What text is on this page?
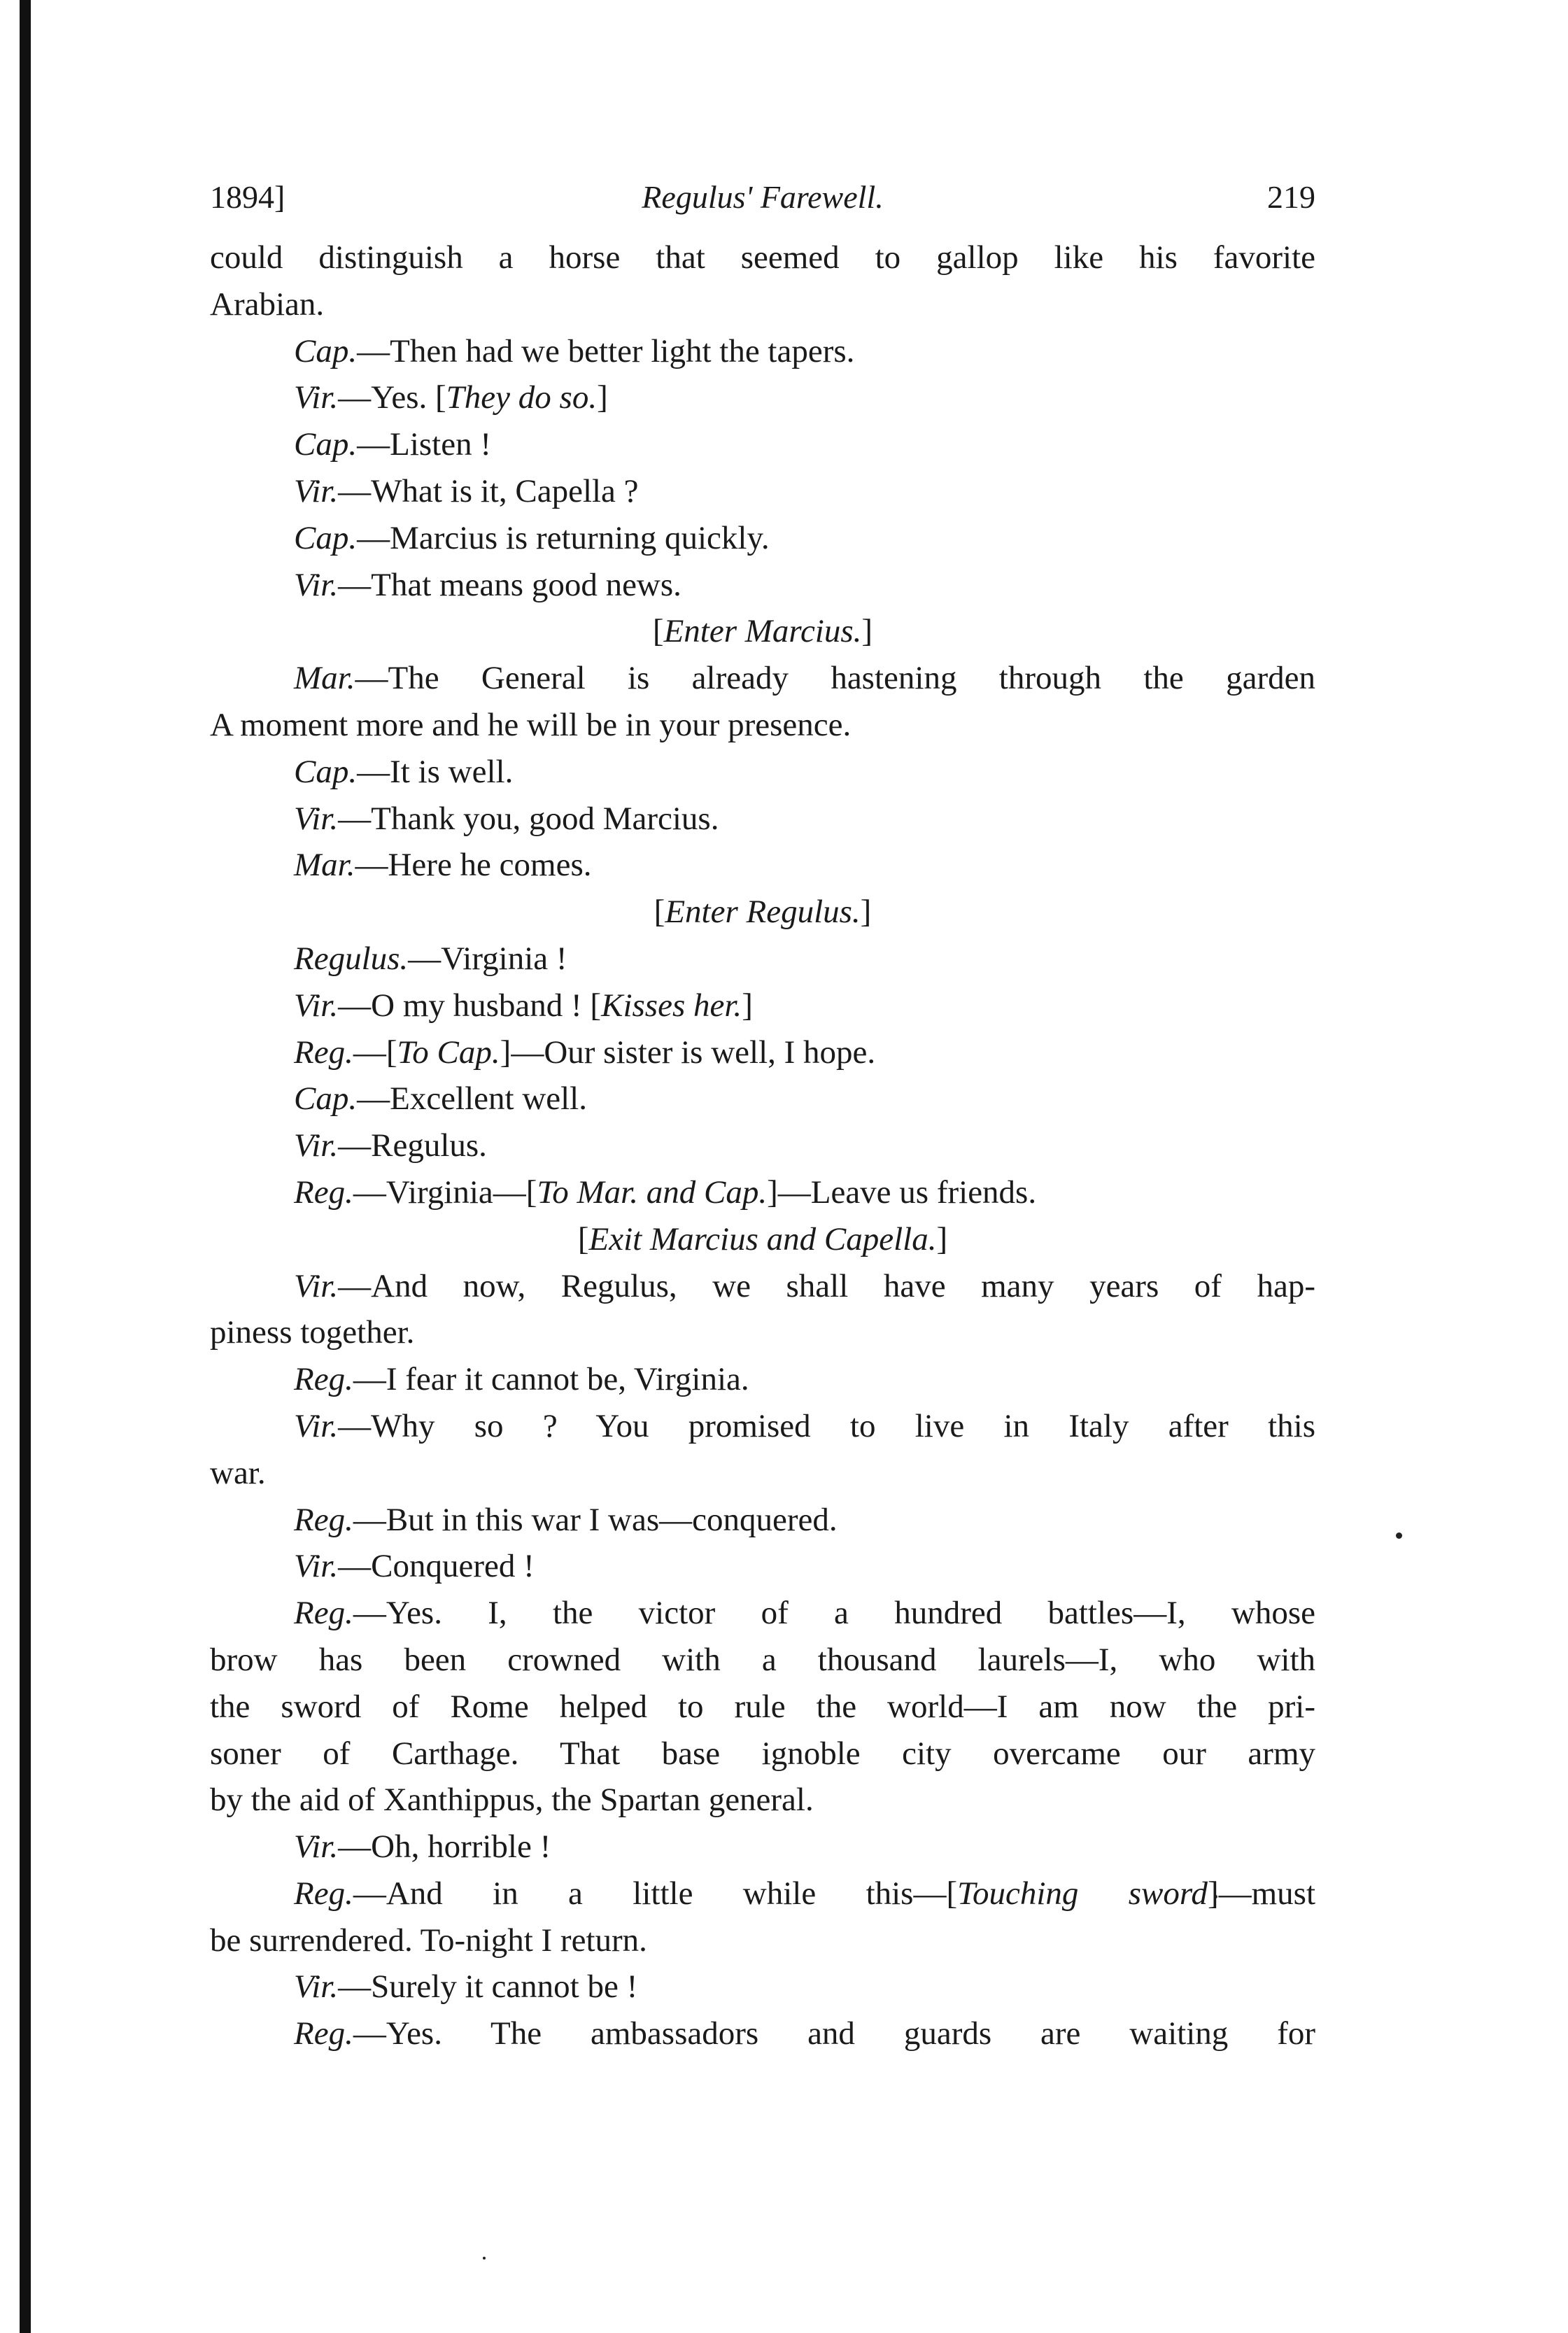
1894]	Regulus' Farewell.	219
could distinguish a horse that seemed to gallop like his favorite
Arabian.
Cap.—Then had we better light the tapers.
Vir.—Yes. [They do so.]
Cap.—Listen !
Vir.—What is it, Capella ?
Cap.—Marcius is returning quickly.
Vir.—That means good news.
[Enter Marcius.]
Mar.—The General is already hastening through the garden
A moment more and he will be in your presence.
Cap.—It is well.
Vir.—Thank you, good Marcius.
Mar.—Here he comes.
[Enter Regulus.]
Regulus.—Virginia !
Vir.—O my husband ! [Kisses her.]
Reg.—[To Cap.]—Our sister is well, I hope.
Cap.—Excellent well.
Vir.—Regulus.
Reg.—Virginia—[To Mar. and Cap.]—Leave us friends.
[Exit Marcius and Capella.]
Vir.—And now, Regulus, we shall have many years of hap-
piness together.
Reg.—I fear it cannot be, Virginia.
Vir.—Why so ? You promised to live in Italy after this
war.
Reg.—But in this war I was—conquered.
Vir.—Conquered !
Reg.—Yes. I, the victor of a hundred battles—I, whose
brow has been crowned with a thousand laurels—I, who with
the sword of Rome helped to rule the world—I am now the pri-
soner of Carthage. That base ignoble city overcame our army
by the aid of Xanthippus, the Spartan general.
Vir.—Oh, horrible !
Reg.—And in a little while this—[Touching sword]—must
be surrendered. To-night I return.
Vir.—Surely it cannot be !
Reg.—Yes. The ambassadors and guards are waiting for
